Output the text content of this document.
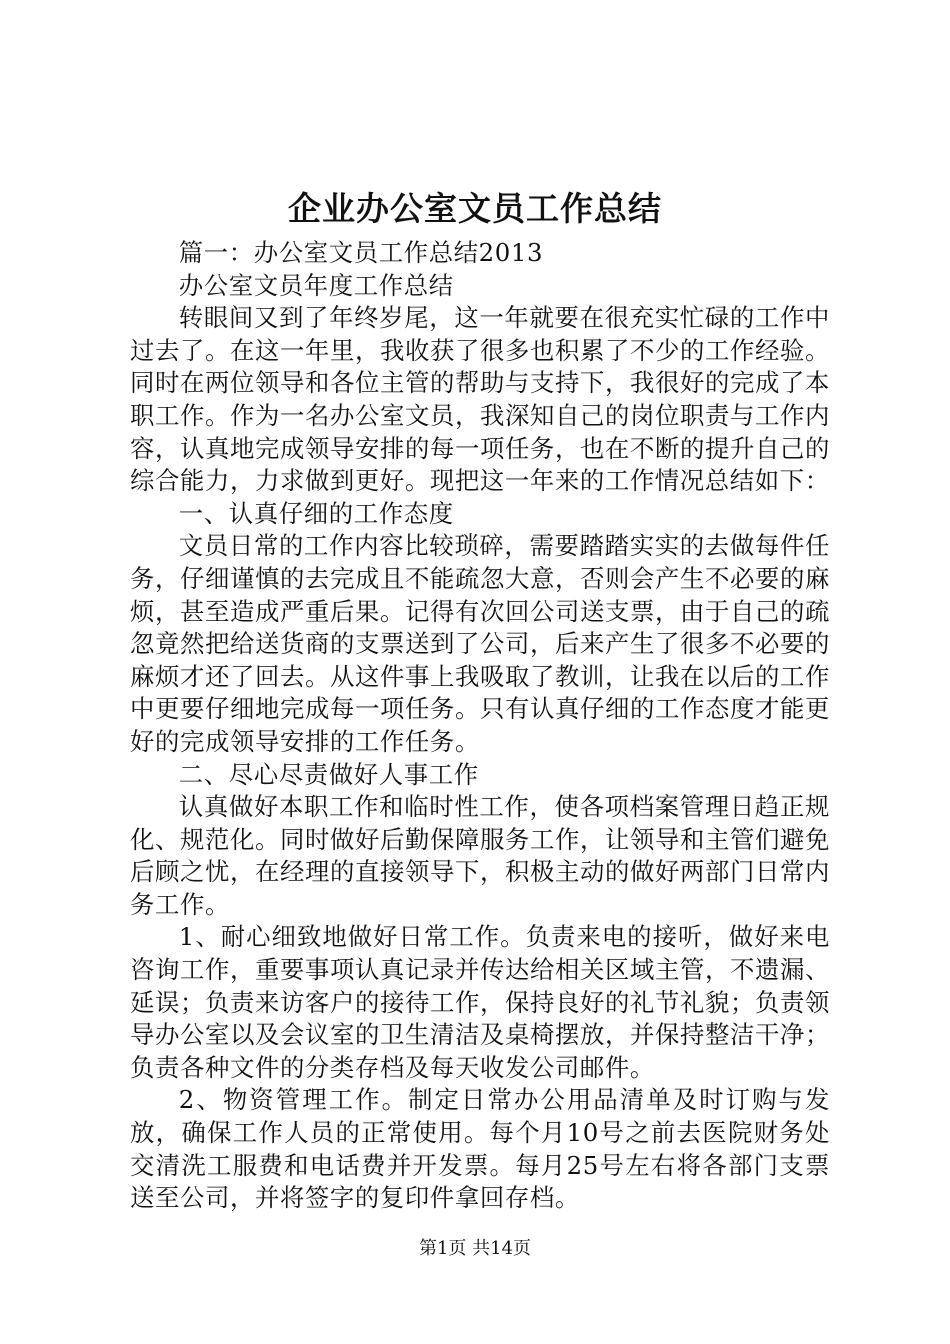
企业办公室文员工作总结

篇一：办公室文员工作总结2013

办公室文员年度工作总结

转眼间又到了年终岁尾，这一年就要在很充实忙碌的工作中过去了。在这一年里，我收获了很多也积累了不少的工作经验。同时在两位领导和各位主管的帮助与支持下，我很好的完成了本职工作。作为一名办公室文员，我深知自己的岗位职责与工作内容，认真地完成领导安排的每一项任务，也在不断的提升自己的综合能力，力求做到更好。现把这一年来的工作情况总结如下：

一、认真仔细的工作态度

文员日常的工作内容比较琐碎，需要踏踏实实的去做每件任务，仔细谨慎的去完成且不能疏忽大意，否则会产生不必要的麻烦，甚至造成严重后果。记得有次回公司送支票，由于自己的疏忽竟然把给送货商的支票送到了公司，后来产生了很多不必要的麻烦才还了回去。从这件事上我吸取了教训，让我在以后的工作中更要仔细地完成每一项任务。只有认真仔细的工作态度才能更好的完成领导安排的工作任务。

二、尽心尽责做好人事工作

认真做好本职工作和临时性工作，使各项档案管理日趋正规化、规范化。同时做好后勤保障服务工作，让领导和主管们避免后顾之忧，在经理的直接领导下，积极主动的做好两部门日常内务工作。

1、耐心细致地做好日常工作。负责来电的接听，做好来电咨询工作，重要事项认真记录并传达给相关区域主管，不遗漏、延误；负责来访客户的接待工作，保持良好的礼节礼貌；负责领导办公室以及会议室的卫生清洁及桌椅摆放，并保持整洁干净；负责各种文件的分类存档及每天收发公司邮件。

2、物资管理工作。制定日常办公用品清单及时订购与发放，确保工作人员的正常使用。每个月10号之前去医院财务处交清洗工服费和电话费并开发票。每月25号左右将各部门支票送至公司，并将签字的复印件拿回存档。

第1页 共14页
